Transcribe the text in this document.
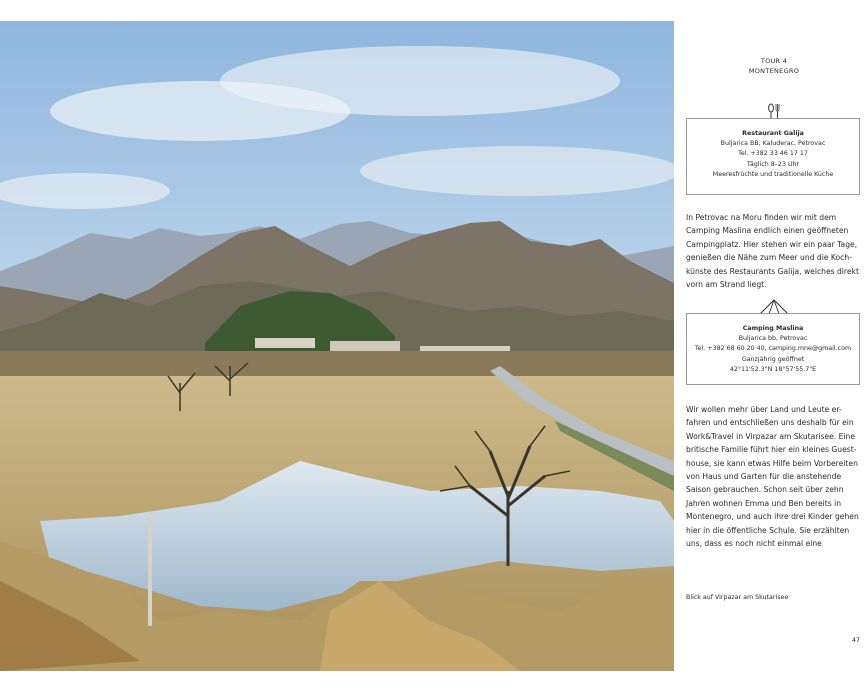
TOUR 4
MONTENEGRO
Restaurant Galija
Buljarica BB, Kaluderac, Petrovac
Tel. +382 33 46 17 17
Täglich 8–23 Uhr
Meeresfrüchte und traditionelle Küche
In Petrovac na Moru finden wir mit dem
Camping Maslina endlich einen geöffneten
Campingplatz. Hier stehen wir ein paar Tage,
genießen die Nähe zum Meer und die Koch-
künste des Restaurants Galija, welches direkt
vorn am Strand liegt.
Camping Maslina
Buljarica bb, Petrovac
Tel. +382 68 60 20 40, camping.mne@gmail.com
Ganzjährig geöffnet
42°11'52.3"N 18°57'55.7"E
Wir wollen mehr über Land und Leute er-
fahren und entschließen uns deshalb für ein
Work&Travel in Virpazar am Skutarisee. Eine
britische Familie führt hier ein kleines Guest-
house, sie kann etwas Hilfe beim Vorbereiten
von Haus und Garten für die anstehende
Saison gebrauchen. Schon seit über zehn
Jahren wohnen Emma und Ben bereits in
Montenegro, und auch ihre drei Kinder gehen
hier in die öffentliche Schule. Sie erzählten
uns, dass es noch nicht einmal eine
Blick auf Virpazar am Skutarisee
47
